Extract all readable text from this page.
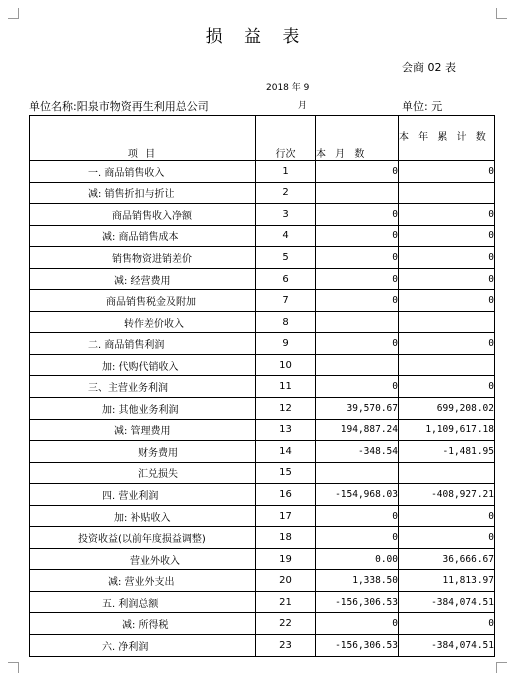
损 益 表
会商 02 表
2018 年 9
月
单位名称:阳泉市物资再生利用总公司	单位: 元
项 目	行次	本 月 数	本 年 累 计 数
一. 商品销售收入	1	0	0
减: 销售折扣与折让	2		
商品销售收入净额	3	0	0
减: 商品销售成本	4	0	0
销售物资进销差价	5	0	0
减: 经营费用	6	0	0
商品销售税金及附加	7	0	0
转作差价收入	8		
二. 商品销售利润	9	0	0
加: 代购代销收入	10		
三、主营业务利润	11	0	0
加: 其他业务利润	12	39,570.67	699,208.02
减: 管理费用	13	194,887.24	1,109,617.18
财务费用	14	-348.54	-1,481.95
汇兑损失	15		
四. 营业利润	16	-154,968.03	-408,927.21
加: 补贴收入	17	0	0
投资收益(以前年度损益调整)	18	0	0
营业外收入	19	0.00	36,666.67
减: 营业外支出	20	1,338.50	11,813.97
五. 利润总额	21	-156,306.53	-384,074.51
减: 所得税	22	0	0
六. 净利润	23	-156,306.53	-384,074.51
